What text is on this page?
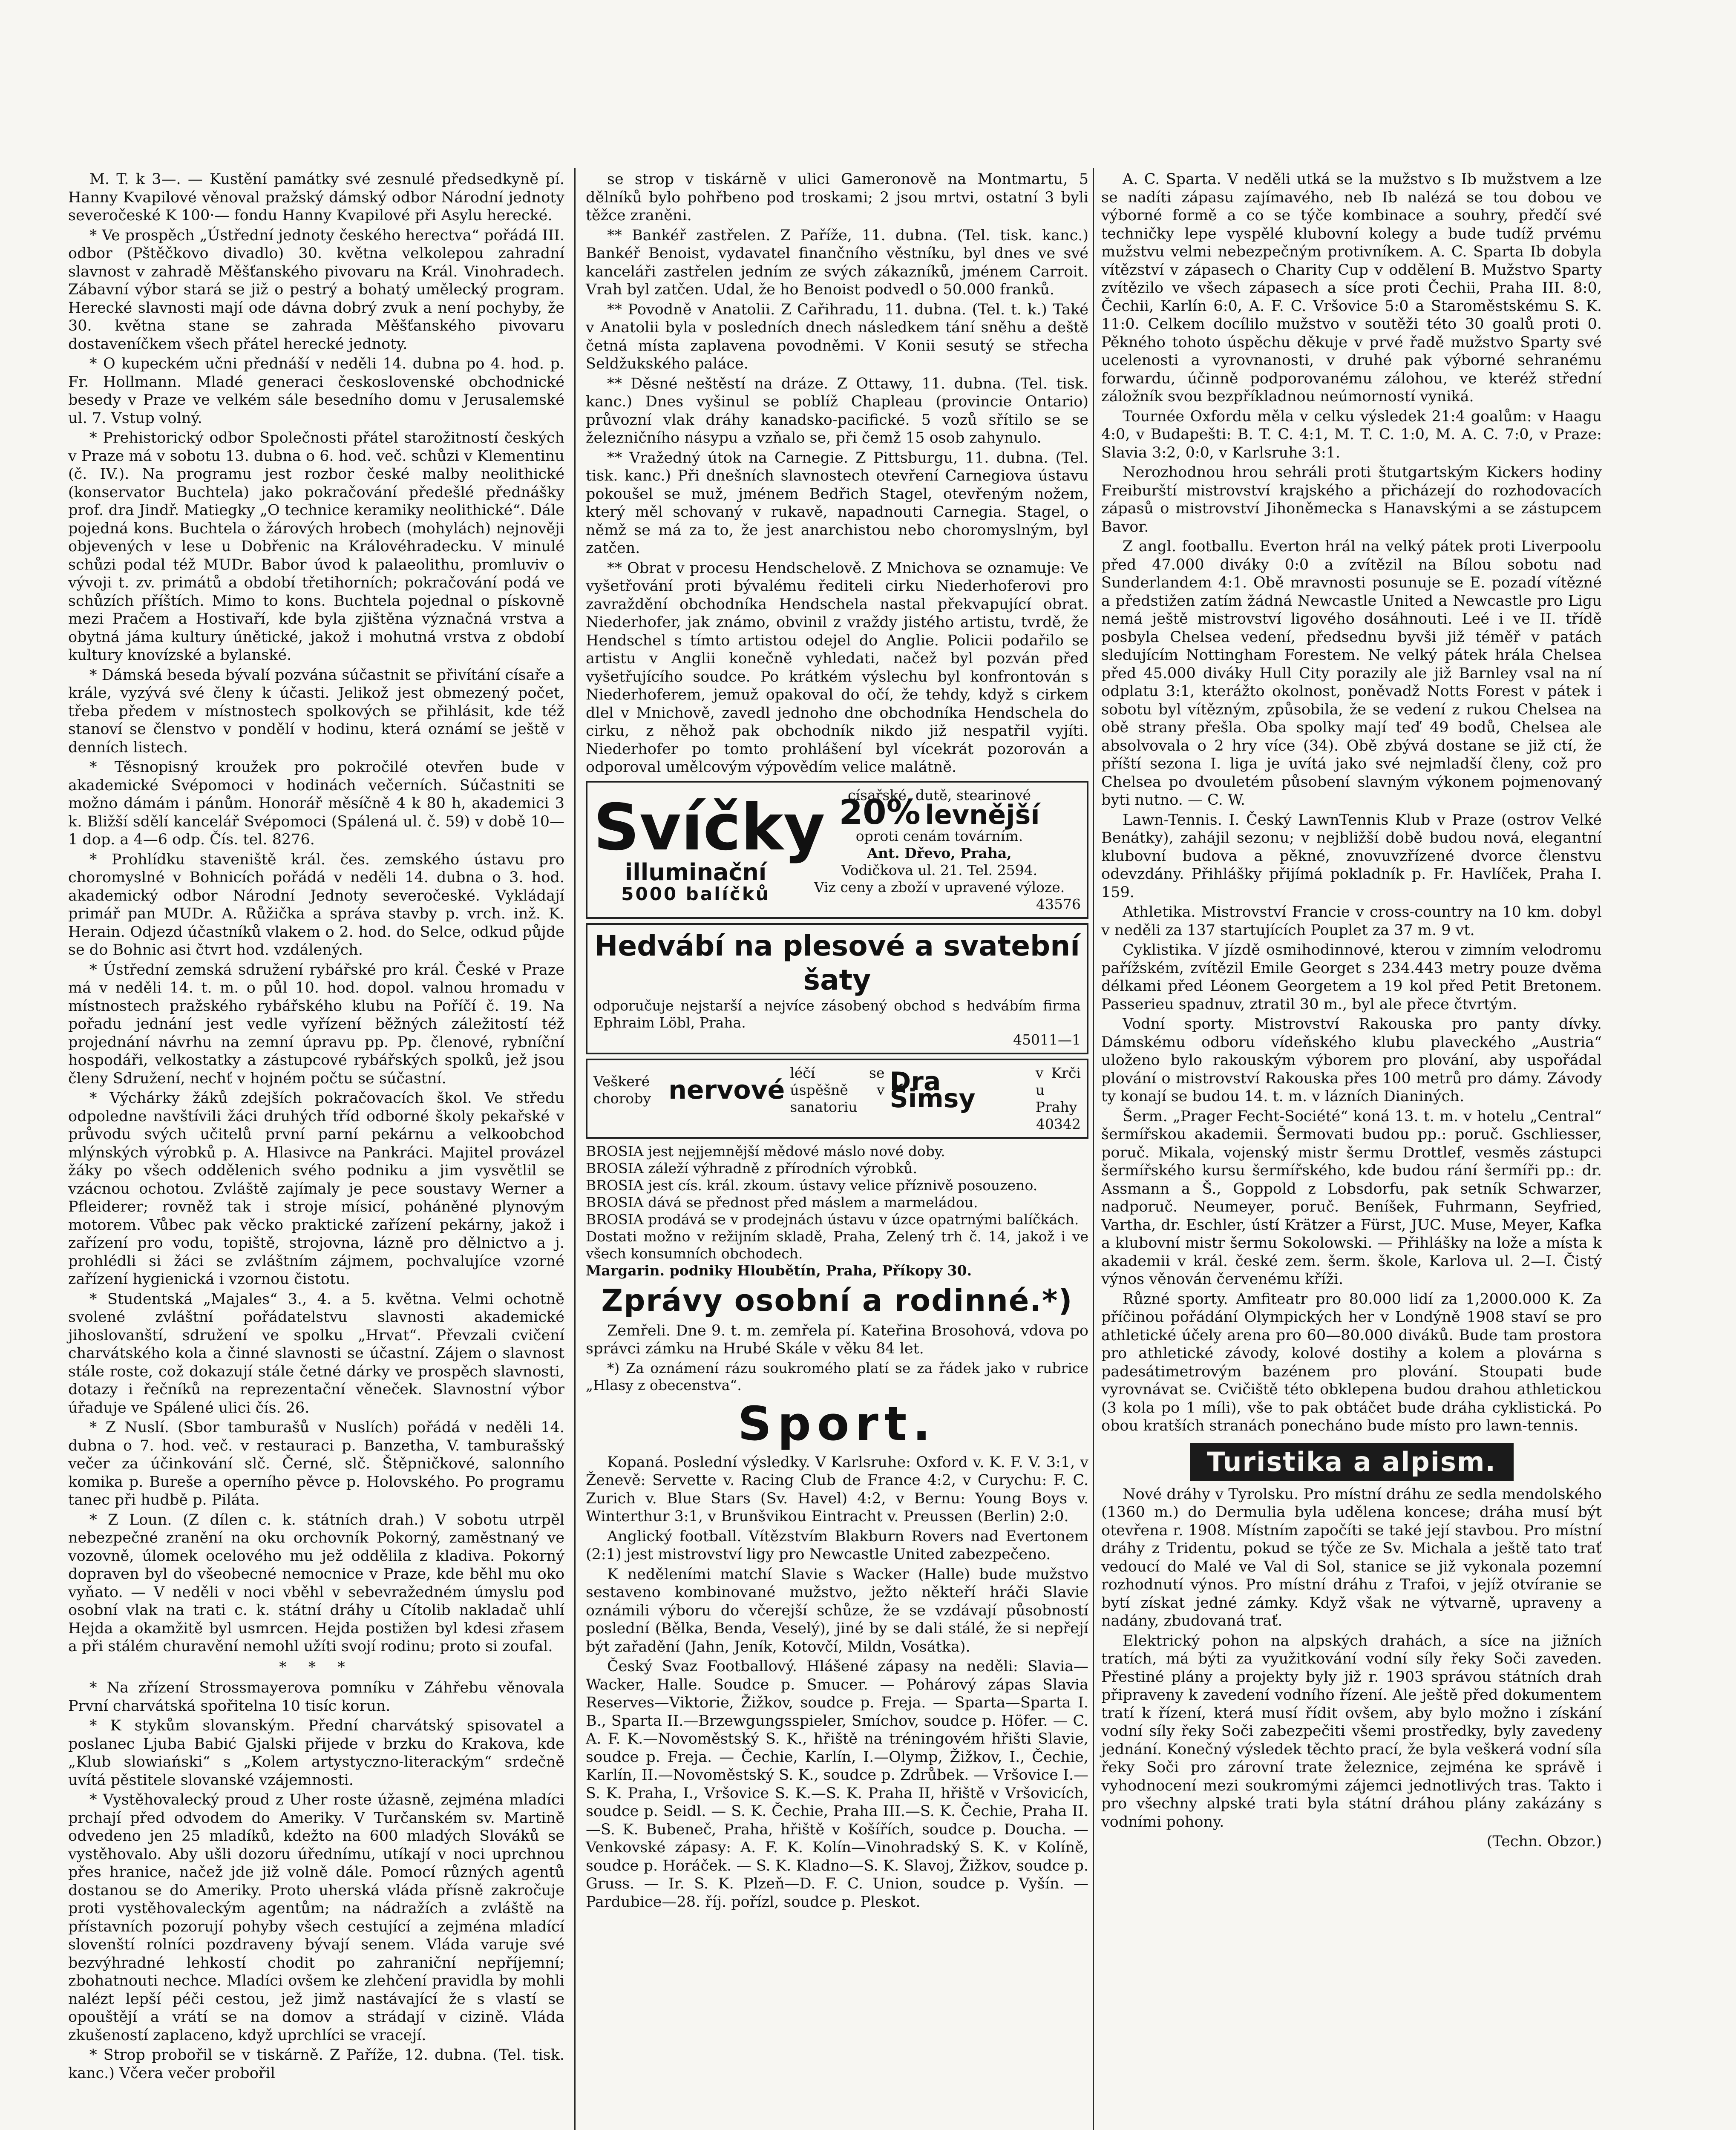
M. T. k 3—. — Kustění památky své zesnulé předsedkyně pí. Hanny Kvapilové věnoval pražský dámský odbor Národní jednoty severočeské K 100·— fondu Hanny Kvapilové při Asylu herecké.

* Ve prospěch „Ústřední jednoty českého herectva“ pořádá III. odbor (Pštěčkovo divadlo) 30. května velkolepou zahradní slavnost v zahradě Měšťanského pivovaru na Král. Vinohradech. Zábavní výbor stará se již o pestrý a bohatý umělecký program. Herecké slavnosti mají ode dávna dobrý zvuk a není pochyby, že 30. května stane se zahrada Měšťanského pivovaru dostaveníčkem všech přátel herecké jednoty.

* O kupeckém učni přednáší v neděli 14. dubna po 4. hod. p. Fr. Hollmann. Mladé generaci československé obchodnické besedy v Praze ve velkém sále besedního domu v Jerusalemské ul. 7. Vstup volný.

* Prehistorický odbor Společnosti přátel starožitností českých v Praze má v sobotu 13. dubna o 6. hod. več. schůzi v Klementinu (č. IV.). Na programu jest rozbor české malby neolithické (konservator Buchtela) jako pokračování předešlé přednášky prof. dra Jindř. Matiegky „O technice keramiky neolithické“. Dále pojedná kons. Buchtela o žárových hrobech (mohylách) nejnověji objevených v lese u Dobřenic na Královéhradecku. V minulé schůzi podal též MUDr. Babor úvod k palaeolithu, promluviv o vývoji t. zv. primátů a období třetihorních; pokračování podá ve schůzích příštích. Mimo to kons. Buchtela pojednal o pískovně mezi Pračem a Hostivaří, kde byla zjištěna význačná vrstva a obytná jáma kultury únětické, jakož i mohutná vrstva z období kultury knovízské a bylanské.

* Dámská beseda bývalí pozvána súčastnit se přivítání císaře a krále, vyzývá své členy k účasti. Jelikož jest obmezený počet, třeba předem v místnostech spolkových se přihlásit, kde též stanoví se členstvo v pondělí v hodinu, která oznámí se ještě v denních listech.

* Těsnopisný kroužek pro pokročilé otevřen bude v akademické Svépomoci v hodinách večerních. Súčastniti se možno dámám i pánům. Honorář měsíčně 4 k 80 h, akademici 3 k. Bližší sdělí kancelář Svépomoci (Spálená ul. č. 59) v době 10—1 dop. a 4—6 odp. Čís. tel. 8276.

* Prohlídku staveniště král. čes. zemského ústavu pro choromyslné v Bohnicích pořádá v neděli 14. dubna o 3. hod. akademický odbor Národní Jednoty severočeské. Vykládají primář pan MUDr. A. Růžička a správa stavby p. vrch. inž. K. Herain. Odjezd účastníků vlakem o 2. hod. do Selce, odkud půjde se do Bohnic asi čtvrt hod. vzdálených.

* Ústřední zemská sdružení rybářské pro král. České v Praze má v neděli 14. t. m. o půl 10. hod. dopol. valnou hromadu v místnostech pražského rybářského klubu na Poříčí č. 19. Na pořadu jednání jest vedle vyřízení běžných záležitostí též projednání návrhu na zemní úpravu pp. Pp. členové, rybníční hospodáři, velkostatky a zástupcové rybářských spolků, jež jsou členy Sdružení, nechť v hojném počtu se súčastní.

* Výchárky žáků zdejších pokračovacích škol. Ve středu odpoledne navštívili žáci druhých tříd odborné školy pekařské v průvodu svých učitelů první parní pekárnu a velkoobchod mlýnských výrobků p. A. Hlasivce na Pankráci. Majitel provázel žáky po všech oddělenich svého podniku a jim vysvětlil se vzácnou ochotou. Zvláště zajímaly je pece soustavy Werner a Pfleiderer; rovněž tak i stroje mísicí, poháněné plynovým motorem. Vůbec pak věcko praktické zařízení pekárny, jakož i zařízení pro vodu, topiště, strojovna, lázně pro dělnictvo a j. prohlédli si žáci se zvláštním zájmem, pochvalujíce vzorné zařízení hygienická i vzornou čistotu.

* Studentská „Majales“ 3., 4. a 5. května. Velmi ochotně svolené zvláštní pořádatelstvu slavnosti akademické jihoslovanští, sdružení ve spolku „Hrvat“. Převzali cvičení charvátského kola a činné slavnosti se účastní. Zájem o slavnost stále roste, což dokazují stále četné dárky ve prospěch slavnosti, dotazy i řečníků na reprezentační věneček. Slavnostní výbor úřaduje ve Spálené ulici čís. 26.

* Z Nuslí. (Sbor tamburašů v Nuslích) pořádá v neděli 14. dubna o 7. hod. več. v restauraci p. Banzetha, V. tamburašský večer za účinkování slč. Černé, slč. Štěpničkové, salonního komika p. Bureše a operního pěvce p. Holovského. Po programu tanec při hudbě p. Piláta.

* Z Loun. (Z dílen c. k. státních drah.) V sobotu utrpěl nebezpečné zranění na oku orchovník Pokorný, zaměstnaný ve vozovně, úlomek ocelového mu jež oddělila z kladiva. Pokorný dopraven byl do všeobecné nemocnice v Praze, kde běhl mu oko vyňato. — V neděli v noci vběhl v sebevražedném úmyslu pod osobní vlak na trati c. k. státní dráhy u Cítolib nakladač uhlí Hejda a okamžitě byl usmrcen. Hejda postižen byl kdesi zřasem a při stálém churavění nemohl užíti svojí rodinu; proto si zoufal.

* * *

* Na zřízení Strossmayerova pomníku v Záhřebu věnovala První charvátská spořitelna 10 tisíc korun.

* K stykům slovanským. Přední charvátský spisovatel a poslanec Ljuba Babić Gjalski přijede v brzku do Krakova, kde „Klub slowiański“ s „Kolem artystyczno-literackým“ srdečně uvítá pěstitele slovanské vzájemnosti.

* Vystěhovalecký proud z Uher roste úžasně, zejména mladíci prchají před odvodem do Ameriky. V Turčanském sv. Martině odvedeno jen 25 mladíků, kdežto na 600 mladých Slováků se vystěhovalo. Aby ušli dozoru úřednímu, utíkají v noci uprchnou přes hranice, načež jde již volně dále. Pomocí různých agentů dostanou se do Ameriky. Proto uherská vláda přísně zakročuje proti vystěhovaleckým agentům; na nádražích a zvláště na přístavních pozorují pohyby všech cestující a zejména mladící slovenští rolníci pozdraveny bývají senem. Vláda varuje své bezvýhradné lehkostí chodit po zahraniční nepříjemní; zbohatnouti nechce. Mladíci ovšem ke zlehčení pravidla by mohli nalézt lepší péči cestou, jež jimž nastávající že s vlastí se opouštějí a vrátí se na domov a strádají v cizině. Vláda zkušeností zaplaceno, když uprchlíci se vracejí.

* Strop probořil se v tiskárně. Z Paříže, 12. dubna. (Tel. tisk. kanc.) Včera večer probořil

se strop v tiskárně v ulici Gameronově na Montmartu, 5 dělníků bylo pohřbeno pod troskami; 2 jsou mrtvi, ostatní 3 byli těžce zraněni.

** Bankéř zastřelen. Z Paříže, 11. dubna. (Tel. tisk. kanc.) Bankéř Benoist, vydavatel finančního věstníku, byl dnes ve své kanceláři zastřelen jedním ze svých zákazníků, jménem Carroit. Vrah byl zatčen. Udal, že ho Benoist podvedl o 50.000 franků.

** Povodně v Anatolii. Z Cařihradu, 11. dubna. (Tel. t. k.) Také v Anatolii byla v posledních dnech následkem tání sněhu a deště četná místa zaplavena povodněmi. V Konii sesutý se střecha Seldžukského paláce.

** Děsné neštěstí na dráze. Z Ottawy, 11. dubna. (Tel. tisk. kanc.) Dnes vyšinul se poblíž Chapleau (provincie Ontario) průvozní vlak dráhy kanadsko-pacifické. 5 vozů sřítilo se se železničního násypu a vzňalo se, při čemž 15 osob zahynulo.

** Vražedný útok na Carnegie. Z Pittsburgu, 11. dubna. (Tel. tisk. kanc.) Při dnešních slavnostech otevření Carnegiova ústavu pokoušel se muž, jménem Bedřich Stagel, otevřeným nožem, který měl schovaný v rukavě, napadnouti Carnegia. Stagel, o němž se má za to, že jest anarchistou nebo choromyslným, byl zatčen.

** Obrat v procesu Hendschelově. Z Mnichova se oznamuje: Ve vyšetřování proti bývalému řediteli cirku Niederhoferovi pro zavraždění obchodníka Hendschela nastal překvapující obrat. Niederhofer, jak známo, obvinil z vraždy jistého artistu, tvrdě, že Hendschel s tímto artistou odejel do Anglie. Policii podařilo se artistu v Anglii konečně vyhledati, načež byl pozván před vyšetřujícího soudce. Po krátkém výslechu byl konfrontován s Niederhoferem, jemuž opakoval do očí, že tehdy, když s cirkem dlel v Mnichově, zavedl jednoho dne obchodníka Hendschela do cirku, z něhož pak obchodník nikdo již nespatřil vyjíti. Niederhofer po tomto prohlášení byl vícekrát pozorován a odporoval umělcovým výpovědím velice malátně.

Svíčky
illuminační
5000 balíčků
císařské, dutě, stearinové
20% levnější
oproti cenám továrním.
Ant. Dřevo, Praha,
Vodičkova ul. 21. Tel. 2594.
Viz ceny a zboží v upravené výloze.
43576
Hedvábí na plesové a svatební šaty
odporučuje nejstarší a nejvíce zásobený obchod s hedvábím firma Ephraim Löbl, Praha.
45011—1
Veškeré choroby nervové
léčí se úspěšně v sanatoriu
Dra Šimsy
v Krči u Prahy
40342
BROSIA jest nejjemnější mědové máslo nové doby.
BROSIA záleží výhradně z přírodních výrobků.
BROSIA jest cís. král. zkoum. ústavy velice příznivě posouzeno.
BROSIA dává se přednost před máslem a marmeládou.
BROSIA prodává se v prodejnách ústavu v úzce opatrnými balíčkách.
Dostati možno v režijním skladě, Praha, Zelený trh č. 14, jakož i ve všech konsumních obchodech.
Margarin. podniky Hloubětín, Praha, Příkopy 30.
Zprávy osobní a rodinné.*)

Zemřeli. Dne 9. t. m. zemřela pí. Kateřina Brosohová, vdova po správci zámku na Hrubé Skále v věku 84 let.

*) Za oznámení rázu soukromého platí se za řádek jako v rubrice „Hlasy z obecenstva“.

Sport.

Kopaná. Poslední výsledky. V Karlsruhe: Oxford v. K. F. V. 3:1, v Ženevě: Servette v. Racing Club de France 4:2, v Curychu: F. C. Zurich v. Blue Stars (Sv. Havel) 4:2, v Bernu: Young Boys v. Winterthur 3:1, v Brunšvikou Eintracht v. Preussen (Berlin) 2:0.

Anglický football. Vítězstvím Blakburn Rovers nad Evertonem (2:1) jest mistrovství ligy pro Newcastle United zabezpečeno.

K neděleními matchí Slavie s Wacker (Halle) bude mužstvo sestaveno kombinované mužstvo, ježto někteří hráči Slavie oznámili výboru do včerejší schůze, že se vzdávají působností poslední (Bělka, Benda, Veselý), jiné by se dali stálé, že si nepřejí být zařadění (Jahn, Jeník, Kotovčí, Mildn, Vosátka).

Český Svaz Footballový. Hlášené zápasy na neděli: Slavia—Wacker, Halle. Soudce p. Smucer. — Pohárový zápas Slavia Reserves—Viktorie, Žižkov, soudce p. Freja. — Sparta—Sparta I. B., Sparta II.—Brzewgungsspieler, Smíchov, soudce p. Höfer. — C. A. F. K.—Novoměstský S. K., hřiště na tréningovém hřišti Slavie, soudce p. Freja. — Čechie, Karlín, I.—Olymp, Žižkov, I., Čechie, Karlín, II.—Novoměstský S. K., soudce p. Zdrůbek. — Vršovice I.—S. K. Praha, I., Vršovice S. K.—S. K. Praha II, hřiště v Vršovicích, soudce p. Seidl. — S. K. Čechie, Praha III.—S. K. Čechie, Praha II.—S. K. Bubeneč, Praha, hřiště v Košířích, soudce p. Doucha. — Venkovské zápasy: A. F. K. Kolín—Vinohradský S. K. v Kolíně, soudce p. Horáček. — S. K. Kladno—S. K. Slavoj, Žižkov, soudce p. Gruss. — Ir. S. K. Plzeň—D. F. C. Union, soudce p. Vyšín. — Pardubice—28. říj. pořízl, soudce p. Pleskot.

A. C. Sparta. V neděli utká se la mužstvo s Ib mužstvem a lze se nadíti zápasu zajímavého, neb Ib nalézá se tou dobou ve výborné formě a co se týče kombinace a souhry, předčí své techničky lepe vyspělé klubovní kolegy a bude tudíž prvému mužstvu velmi nebezpečným protivníkem. A. C. Sparta Ib dobyla vítězství v zápasech o Charity Cup v oddělení B. Mužstvo Sparty zvítězilo ve všech zápasech a síce proti Čechii, Praha III. 8:0, Čechii, Karlín 6:0, A. F. C. Vršovice 5:0 a Staroměstskému S. K. 11:0. Celkem docílilo mužstvo v soutěži této 30 goalů proti 0. Pěkného tohoto úspěchu děkuje v prvé řadě mužstvo Sparty své ucelenosti a vyrovnanosti, v druhé pak výborné sehranému forwardu, účinně podporovanému zálohou, ve kteréž střední záložník svou bezpříkladnou neúmorností vyniká.

Tournée Oxfordu měla v celku výsledek 21:4 goalům: v Haagu 4:0, v Budapešti: B. T. C. 4:1, M. T. C. 1:0, M. A. C. 7:0, v Praze: Slavia 3:2, 0:0, v Karlsruhe 3:1.

Nerozhodnou hrou sehráli proti štutgartským Kickers hodiny Freiburští mistrovství krajského a přicházejí do rozhodovacích zápasů o mistrovství Jihoněmecka s Hanavskými a se zástupcem Bavor.

Z angl. footballu. Everton hrál na velký pátek proti Liverpoolu před 47.000 diváky 0:0 a zvítězil na Bílou sobotu nad Sunderlandem 4:1. Obě mravnosti posunuje se E. pozadí vítězné a předstižen zatím žádná Newcastle United a Newcastle pro Ligu nemá ještě mistrovství ligového dosáhnouti. Leé i ve II. třídě posbyla Chelsea vedení, předsednu byvši již téměř v patách sledujícím Nottingham Forestem. Ne velký pátek hrála Chelsea před 45.000 diváky Hull City porazily ale již Barnley vsal na ní odplatu 3:1, kterážto okolnost, poněvadž Notts Forest v pátek i sobotu byl vítězným, způsobila, že se vedení z rukou Chelsea na obě strany přešla. Oba spolky mají teď 49 bodů, Chelsea ale absolvovala o 2 hry více (34). Obě zbývá dostane se již ctí, že příští sezona I. liga je uvítá jako své nejmladší členy, což pro Chelsea po dvouletém působení slavným výkonem pojmenovaný byti nutno. — C. W.

Lawn-Tennis. I. Český LawnTennis Klub v Praze (ostrov Velké Benátky), zahájil sezonu; v nejbližší době budou nová, elegantní klubovní budova a pěkné, znovuvzřízené dvorce členstvu odevzdány. Přihlášky přijímá pokladník p. Fr. Havlíček, Praha I. 159.

Athletika. Mistrovství Francie v cross-country na 10 km. dobyl v neděli za 137 startujících Pouplet za 37 m. 9 vt.

Cyklistika. V jízdě osmihodinnové, kterou v zimním velodromu pařížském, zvítězil Emile Georget s 234.443 metry pouze dvěma délkami před Léonem Georgetem a 19 kol před Petit Bretonem. Passerieu spadnuv, ztratil 30 m., byl ale přece čtvrtým.

Vodní sporty. Mistrovství Rakouska pro panty dívky. Dámskému odboru vídeňského klubu plaveckého „Austria“ uloženo bylo rakouským výborem pro plování, aby uspořádal plování o mistrovství Rakouska přes 100 metrů pro dámy. Závody ty konají se budou 14. t. m. v lázních Dianiných.

Šerm. „Prager Fecht-Société“ koná 13. t. m. v hotelu „Central“ šermířskou akademii. Šermovati budou pp.: poruč. Gschliesser, poruč. Mikala, vojenský mistr šermu Drottlef, vesměs zástupci šermířského kursu šermířského, kde budou rání šermíři pp.: dr. Assmann a Š., Goppold z Lobsdorfu, pak setník Schwarzer, nadporuč. Neumeyer, poruč. Beníšek, Fuhrmann, Seyfried, Vartha, dr. Eschler, ústí Krätzer a Fürst, JUC. Muse, Meyer, Kafka a klubovní mistr šermu Sokolowski. — Přihlášky na lože a místa k akademii v král. české zem. šerm. škole, Karlova ul. 2—I. Čistý výnos věnován červenému kříži.

Různé sporty. Amfiteatr pro 80.000 lidí za 1,2000.000 K. Za příčinou pořádání Olympických her v Londýně 1908 staví se pro athletické účely arena pro 60—80.000 diváků. Bude tam prostora pro athletické závody, kolové dostihy a kolem a plovárna s padesátimetrovým bazénem pro plování. Stoupati bude vyrovnávat se. Cvičiště této obklepena budou drahou athletickou (3 kola po 1 míli), vše to pak obtáčet bude dráha cyklistická. Po obou kratších stranách ponecháno bude místo pro lawn-tennis.

Turistika a alpism.

Nové dráhy v Tyrolsku. Pro místní dráhu ze sedla mendolského (1360 m.) do Dermulia byla udělena koncese; dráha musí být otevřena r. 1908. Místním započíti se také její stavbou. Pro místní dráhy z Tridentu, pokud se týče ze Sv. Michala a ještě tato trať vedoucí do Malé ve Val di Sol, stanice se již vykonala pozemní rozhodnutí výnos. Pro místní dráhu z Trafoi, v jejíž otvíranie se bytí získat jedné zámky. Když však ne výtvarně, upraveny a nadány, zbudovaná trať.

Elektrický pohon na alpských drahách, a síce na jižních tratích, má býti za využitkování vodní síly řeky Soči zaveden. Přestiné plány a projekty byly již r. 1903 správou státních drah připraveny k zavedení vodního řízení. Ale ještě před dokumentem tratí k řízení, která musí řídit ovšem, aby bylo možno i získání vodní síly řeky Soči zabezpečiti všemi prostředky, byly zavedeny jednání. Konečný výsledek těchto prací, že byla veškerá vodní síla řeky Soči pro zárovní trate železnice, zejména ke správě i vyhodnocení mezi soukromými zájemci jednotlivých tras. Takto i pro všechny alpské trati byla státní dráhou plány zakázány s vodními pohony.

(Techn. Obzor.)
